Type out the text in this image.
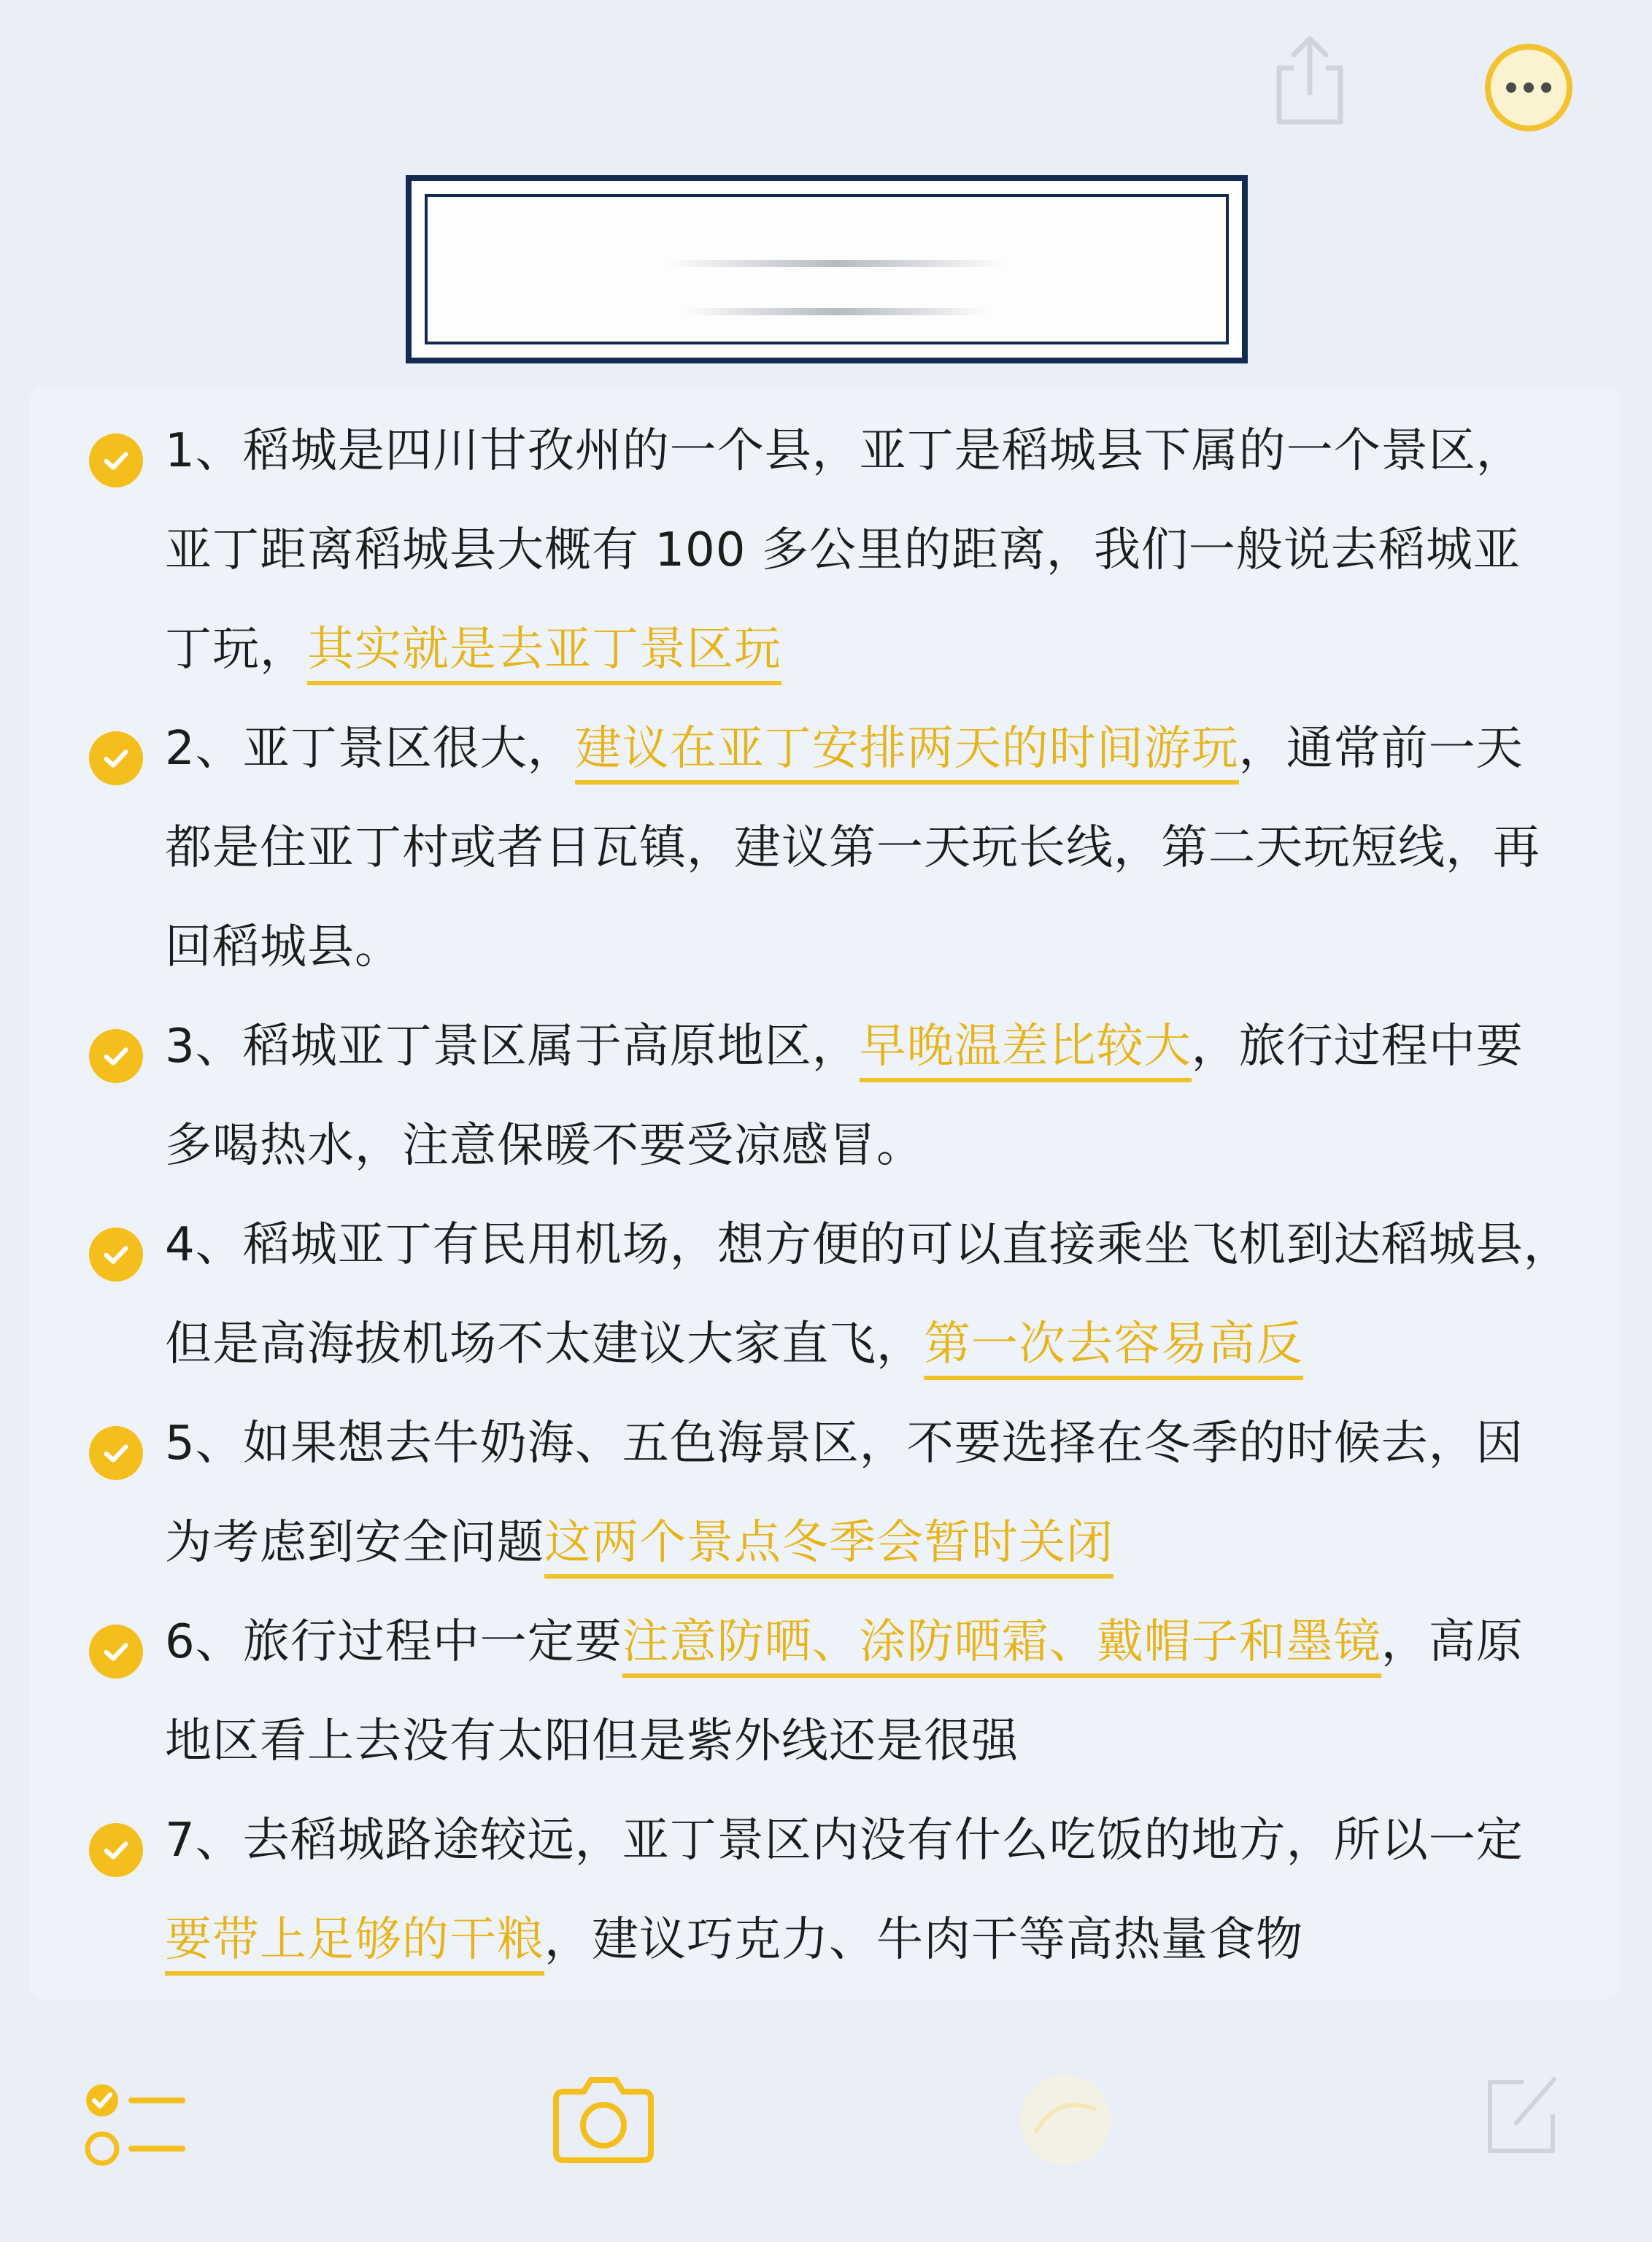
1、稻城是四川甘孜州的一个县，亚丁是稻城县下属的一个景区，
亚丁距离稻城县大概有 100 多公里的距离，我们一般说去稻城亚
丁玩，其实就是去亚丁景区玩
2、亚丁景区很大，建议在亚丁安排两天的时间游玩，通常前一天
都是住亚丁村或者日瓦镇，建议第一天玩长线，第二天玩短线，再
回稻城县。
3、稻城亚丁景区属于高原地区，早晚温差比较大，旅行过程中要
多喝热水，注意保暖不要受凉感冒。
4、稻城亚丁有民用机场，想方便的可以直接乘坐飞机到达稻城县，
但是高海拔机场不太建议大家直飞，第一次去容易高反
5、如果想去牛奶海、五色海景区，不要选择在冬季的时候去，因
为考虑到安全问题这两个景点冬季会暂时关闭
6、旅行过程中一定要注意防晒、涂防晒霜、戴帽子和墨镜，高原
地区看上去没有太阳但是紫外线还是很强
7、去稻城路途较远，亚丁景区内没有什么吃饭的地方，所以一定
要带上足够的干粮，建议巧克力、牛肉干等高热量食物
